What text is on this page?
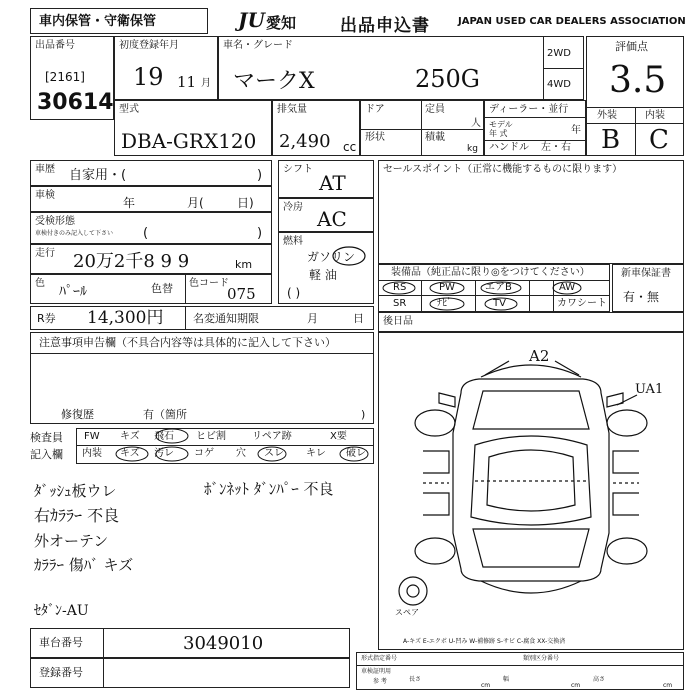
車内保管・守衛保管	JU 愛知	出品申込書	JAPAN USED CAR DEALERS ASSOCIATION
出品番号
[2161]
30614
初度登録年月
19 11 月
車名・グレード
マークX	250G
2WD
4WD
評価点
3.5
外装	内装
B C
型式
DBA-GRX120
排気量
2,490 cc
ドア	定員
人
形状	積載
kg
ディーラー・並行
モデル
年 式	年
ハンドル 左・右
車歴 自家用・(	)
車検
年	月(	日)
受検形態
車検付きのみ記入して下さい (	)
走行 20万2千8 9 9	km
色
ﾊﾟｰﾙ	色替 色コード
075
シフト
AT
冷房 AC
燃料
ガソリン
軽 油
( )
セールスポイント（正常に機能するものに限ります）
装備品（純正品に限り◎をつけてください）
RS	PW	エアB	AW
SR	ﾅﾋﾞ	TV	カワシート
新車保証書
有・無
R券 14,300円	名変通知期限	月	日 後日品
注意事項申告欄（不具合内容等は具体的に記入して下さい）
修復歴	有（箇所	)
検査員
記入欄
FW キズ 飛石 ヒビ割	リペア跡	X要
内装 キズ 汚レ コゲ 穴 スレ キレ 破レ
ﾀﾞｯｼｭ板ウレ	ﾎﾞﾝﾈｯﾄ ﾀﾞﾝﾊﾟｰ 不良
右ｶﾗﾗｰ 不良
外オーテン
ｶﾗﾗｰ 傷ﾊﾞ キズ
ｾﾀﾞﾝ-AU
A2
UA1
スペア
A-キズ E-エクボ U-凹み W-補修跡 S-サビ C-腐食 XX-交換済
車台番号	3049010
登録番号
形式指定番号	類別区分番号
車検証明用
参 考	長さ
cm
幅
cm
高さ
cm
